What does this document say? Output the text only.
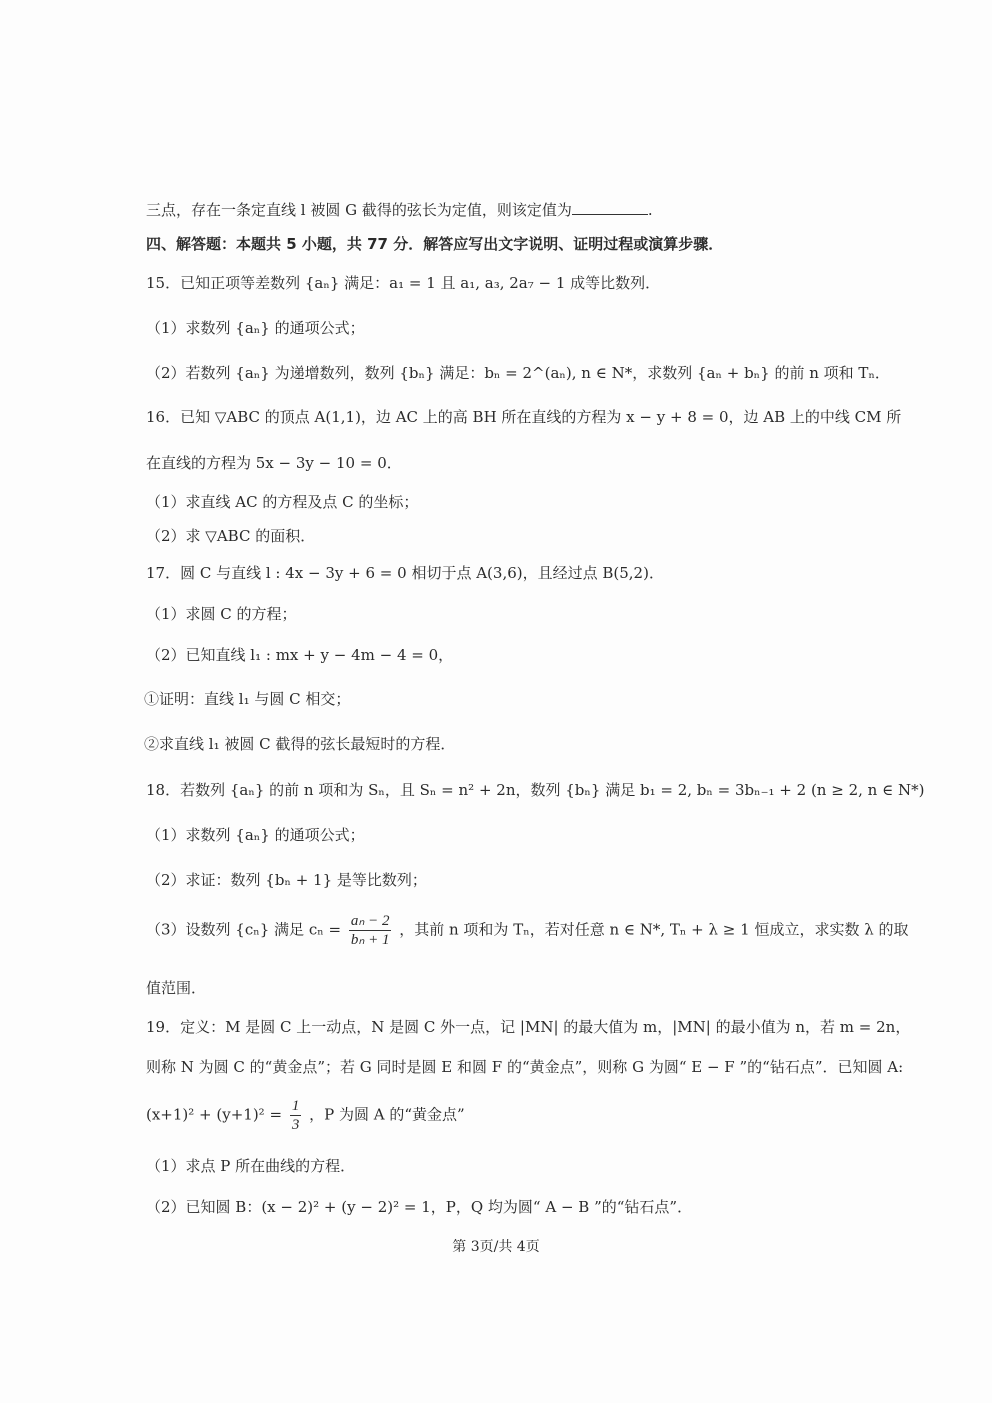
三点，存在一条定直线 l 被圆 G 截得的弦长为定值，则该定值为	.
四、解答题：本题共 5 小题，共 77 分．解答应写出文字说明、证明过程或演算步骤．
15．已知正项等差数列 {aₙ} 满足：a₁ = 1 且 a₁, a₃, 2a₇ − 1 成等比数列．
（1）求数列 {aₙ} 的通项公式；
（2）若数列 {aₙ} 为递增数列，数列 {bₙ} 满足：bₙ = 2^(aₙ), n ∈ N*，求数列 {aₙ + bₙ} 的前 n 项和 Tₙ．
16．已知 ▽ABC 的顶点 A(1,1)，边 AC 上的高 BH 所在直线的方程为 x − y + 8 = 0，边 AB 上的中线 CM 所
在直线的方程为 5x − 3y − 10 = 0．
（1）求直线 AC 的方程及点 C 的坐标；
（2）求 ▽ABC 的面积．
17．圆 C 与直线 l : 4x − 3y + 6 = 0 相切于点 A(3,6)，且经过点 B(5,2)．
（1）求圆 C 的方程；
（2）已知直线 l₁ : mx + y − 4m − 4 = 0，
①证明：直线 l₁ 与圆 C 相交；
②求直线 l₁ 被圆 C 截得的弦长最短时的方程．
18．若数列 {aₙ} 的前 n 项和为 Sₙ，且 Sₙ = n² + 2n，数列 {bₙ} 满足 b₁ = 2, bₙ = 3bₙ₋₁ + 2 (n ≥ 2, n ∈ N*)
（1）求数列 {aₙ} 的通项公式；
（2）求证：数列 {bₙ + 1} 是等比数列；
（3）设数列 {cₙ} 满足 $c_n = \frac{\text{aₙ − 2}}{\text{bₙ + 1}}$ ，其前 n 项和为 Tₙ，若对任意 n ∈ N*, Tₙ + λ ≥ 1 恒成立，求实数 λ 的取
值范围．
19．定义：M 是圆 C 上一动点，N 是圆 C 外一点，记 |MN| 的最大值为 m，|MN| 的最小值为 n，若 m = 2n，
则称 N 为圆 C 的“黄金点”；若 G 同时是圆 E 和圆 F 的“黄金点”，则称 G 为圆“ E − F ”的“钻石点”．已知圆 A:
$(x+1)^2 + (y+1)^2 = \frac{1}{3}$ ，P 为圆 A 的“黄金点”
（1）求点 P 所在曲线的方程．
（2）已知圆 B：(x − 2)² + (y − 2)² = 1，P，Q 均为圆“ A − B ”的“钻石点”．
第 3页/共 4页
